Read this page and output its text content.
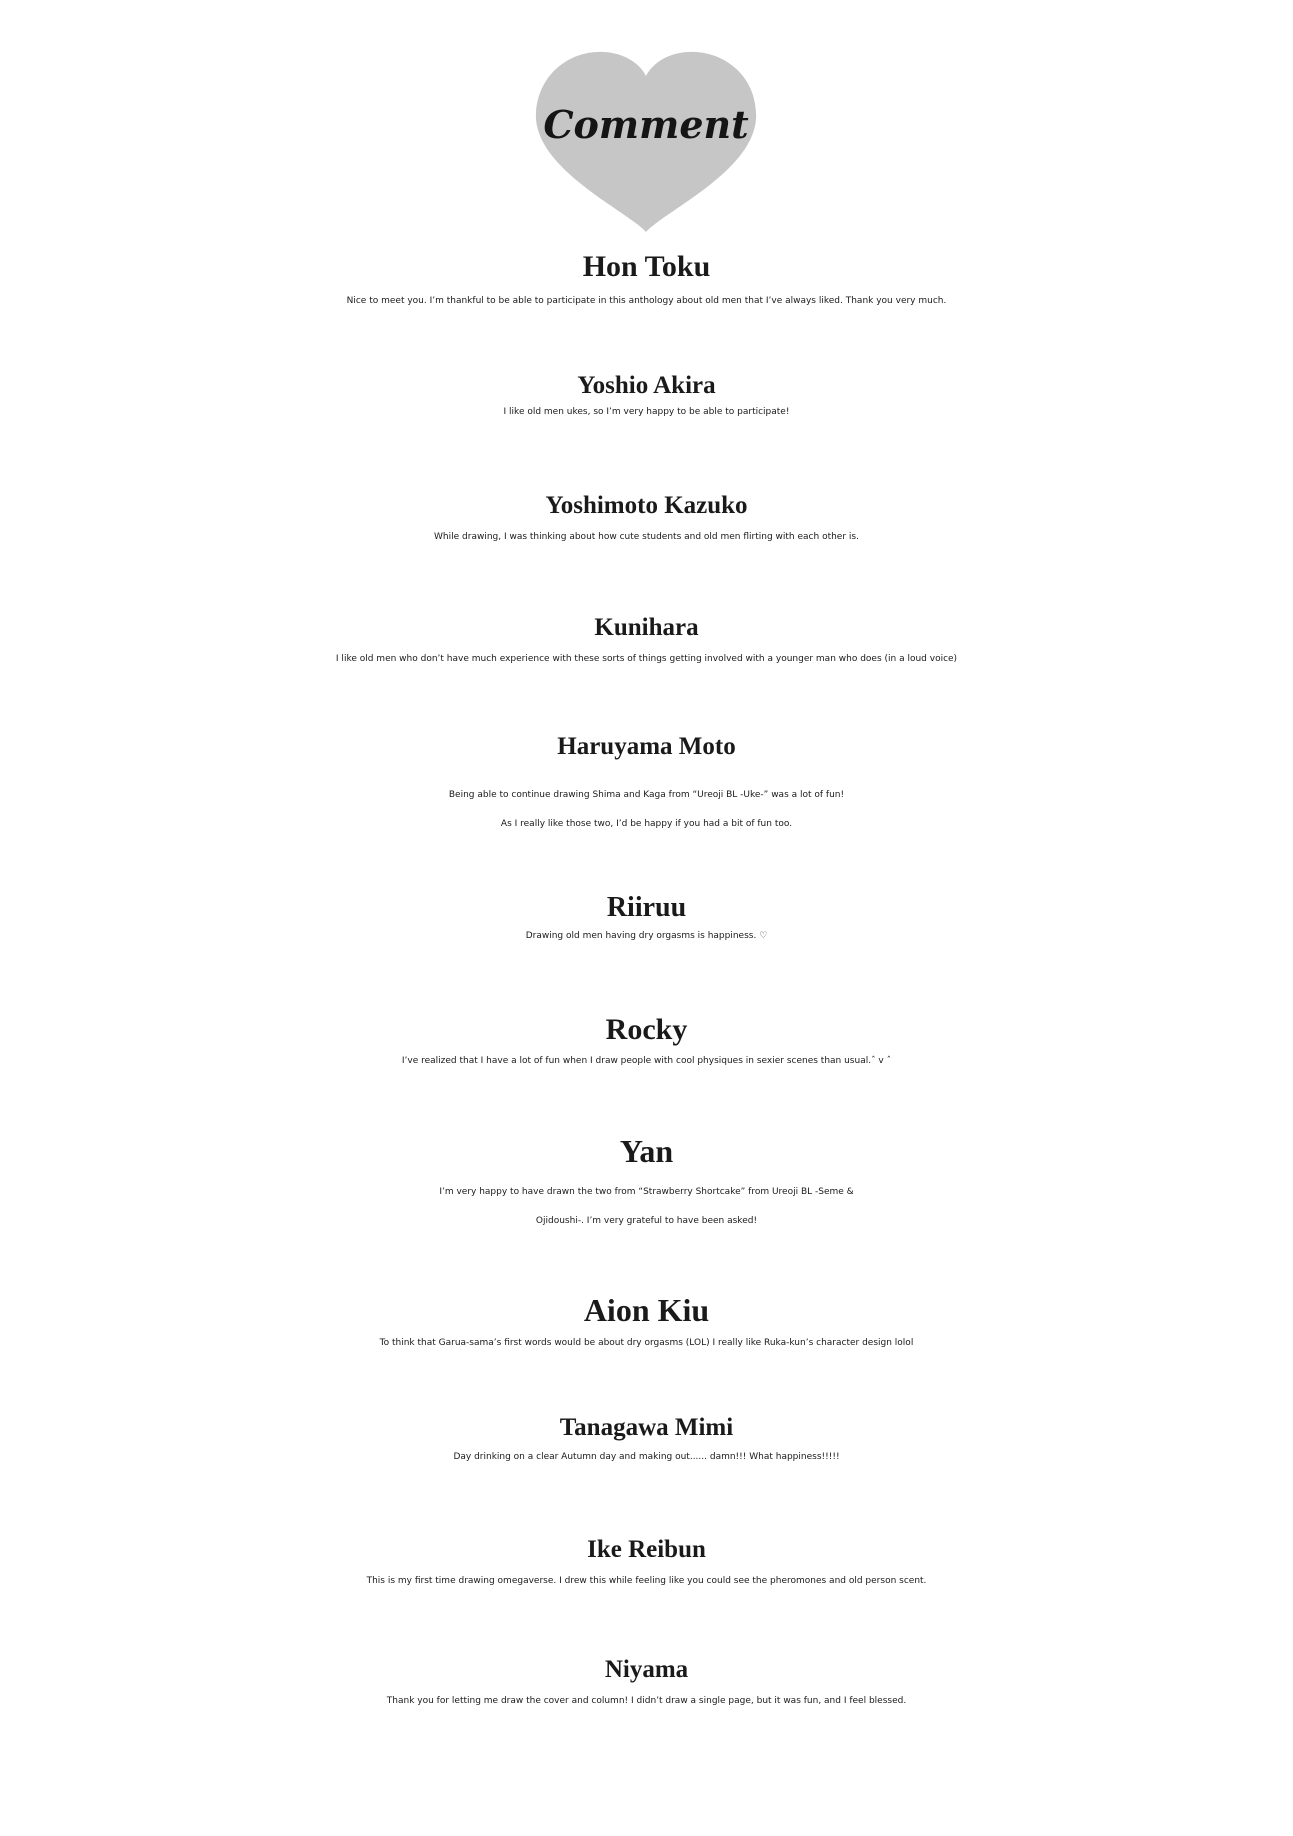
Comment
Hon Toku
Nice to meet you. I’m thankful to be able to participate in this anthology about old men that I’ve always liked. Thank you very much.
Yoshio Akira
I like old men ukes, so I’m very happy to be able to participate!
Yoshimoto Kazuko
While drawing, I was thinking about how cute students and old men flirting with each other is.
Kunihara
I like old men who don’t have much experience with these sorts of things getting involved with a younger man who does (in a loud voice)
Haruyama Moto
Being able to continue drawing Shima and Kaga from “Ureoji BL -Uke-” was a lot of fun!
As I really like those two, I’d be happy if you had a bit of fun too.
Riiruu
Drawing old men having dry orgasms is happiness. ♡
Rocky
I’ve realized that I have a lot of fun when I draw people with cool physiques in sexier scenes than usual.ˆ v ˆ
Yan
I’m very happy to have drawn the two from “Strawberry Shortcake” from Ureoji BL -Seme &
Ojidoushi-. I’m very grateful to have been asked!
Aion Kiu
To think that Garua-sama’s first words would be about dry orgasms (LOL) I really like Ruka-kun’s character design lolol
Tanagawa Mimi
Day drinking on a clear Autumn day and making out...... damn!!! What happiness!!!!!
Ike Reibun
This is my first time drawing omegaverse. I drew this while feeling like you could see the pheromones and old person scent.
Niyama
Thank you for letting me draw the cover and column! I didn’t draw a single page, but it was fun, and I feel blessed.
